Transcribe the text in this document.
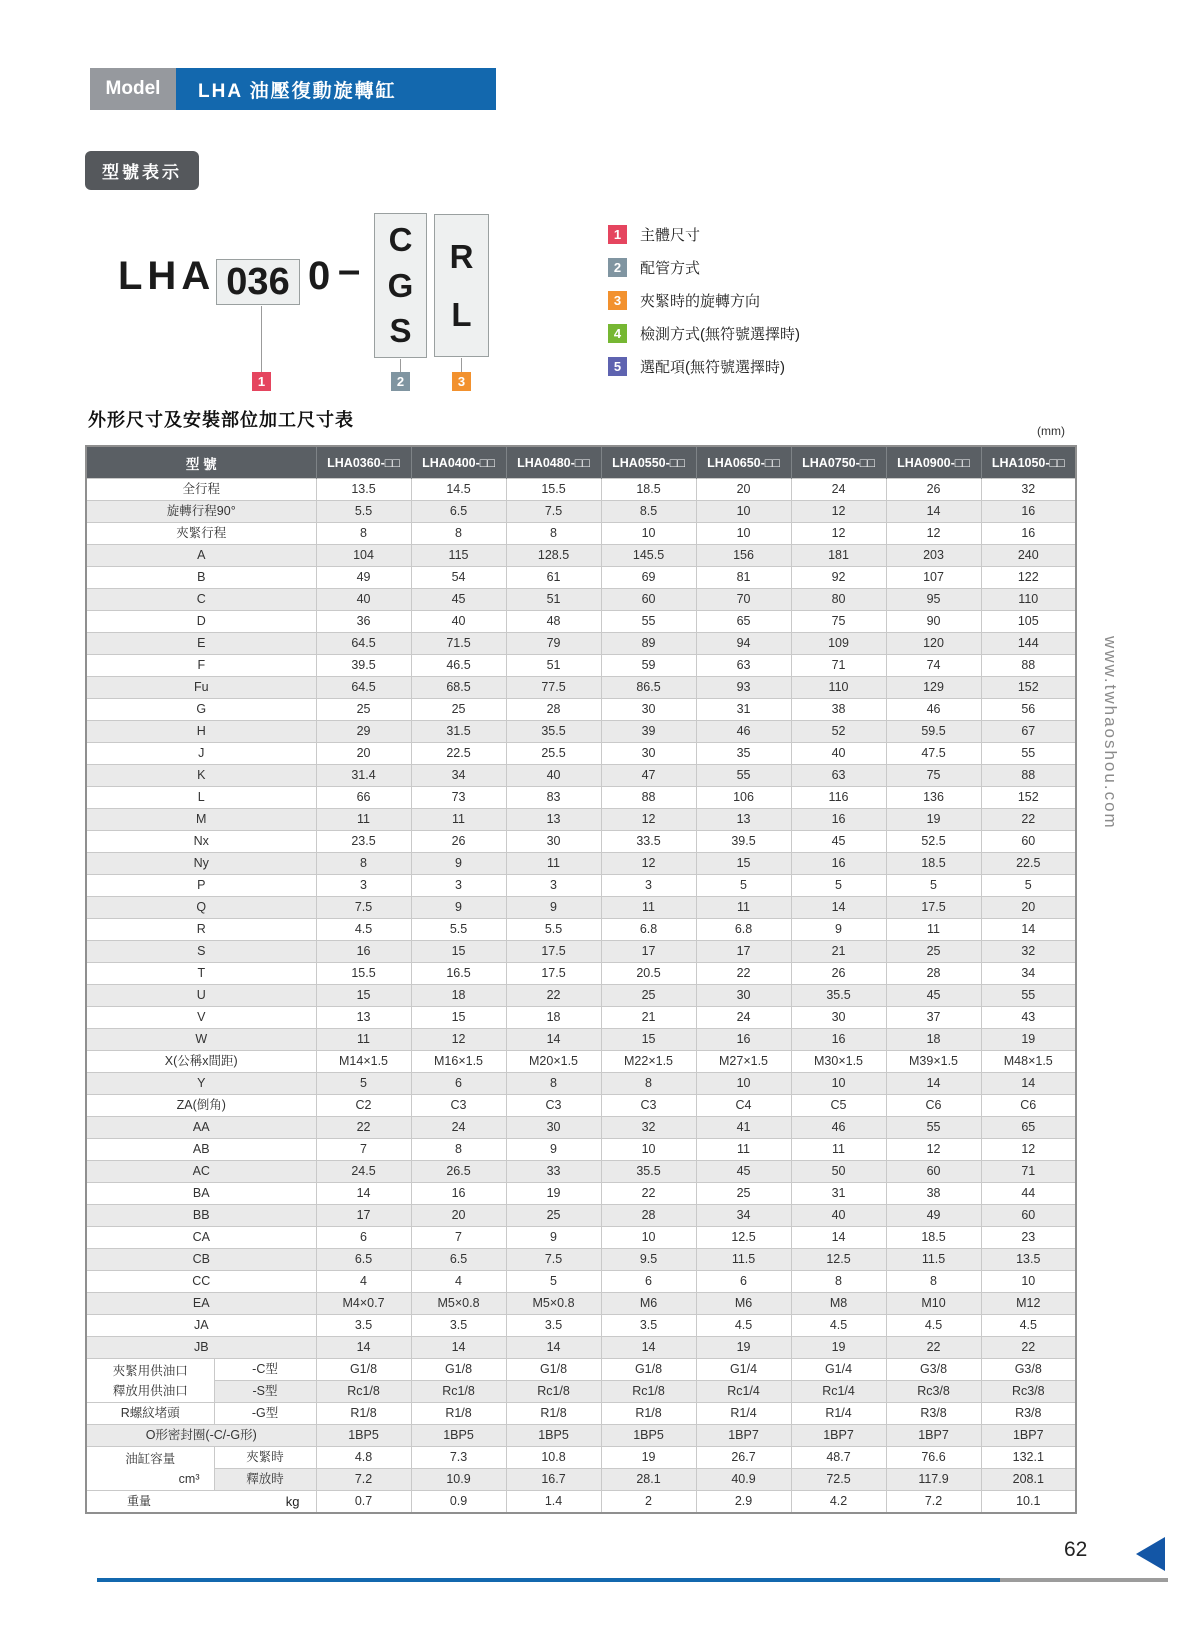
Model	LHA 油壓復動旋轉缸
型號表示
LHA 036 0 –
C
G
S
R
L
1	2	3
1	主體尺寸
2	配管方式
3	夾緊時的旋轉方向
4	檢測方式(無符號選擇時)
5	選配項(無符號選擇時)
外形尺寸及安裝部位加工尺寸表
(mm)
型 號		LHA0360-□□	LHA0400-□□	LHA0480-□□	LHA0550-□□	LHA0650-□□	LHA0750-□□	LHA0900-□□	LHA1050-□□
全行程		13.5	14.5	15.5	18.5	20	24	26	32
旋轉行程90°		5.5	6.5	7.5	8.5	10	12	14	16
夾緊行程		8	8	8	10	10	12	12	16
A		104	115	128.5	145.5	156	181	203	240
B		49	54	61	69	81	92	107	122
C		40	45	51	60	70	80	95	110
D		36	40	48	55	65	75	90	105
E		64.5	71.5	79	89	94	109	120	144
F		39.5	46.5	51	59	63	71	74	88
Fu		64.5	68.5	77.5	86.5	93	110	129	152
G		25	25	28	30	31	38	46	56
H		29	31.5	35.5	39	46	52	59.5	67
J		20	22.5	25.5	30	35	40	47.5	55
K		31.4	34	40	47	55	63	75	88
L		66	73	83	88	106	116	136	152
M		11	11	13	12	13	16	19	22
Nx		23.5	26	30	33.5	39.5	45	52.5	60
Ny		8	9	11	12	15	16	18.5	22.5
P		3	3	3	3	5	5	5	5
Q		7.5	9	9	11	11	14	17.5	20
R		4.5	5.5	5.5	6.8	6.8	9	11	14
S		16	15	17.5	17	17	21	25	32
T		15.5	16.5	17.5	20.5	22	26	28	34
U		15	18	22	25	30	35.5	45	55
V		13	15	18	21	24	30	37	43
W		11	12	14	15	16	16	18	19
X(公稱x間距)		M14×1.5	M16×1.5	M20×1.5	M22×1.5	M27×1.5	M30×1.5	M39×1.5	M48×1.5
Y		5	6	8	8	10	10	14	14
ZA(倒角)		C2	C3	C3	C3	C4	C5	C6	C6
AA		22	24	30	32	41	46	55	65
AB		7	8	9	10	11	11	12	12
AC		24.5	26.5	33	35.5	45	50	60	71
BA		14	16	19	22	25	31	38	44
BB		17	20	25	28	34	40	49	60
CA		6	7	9	10	12.5	14	18.5	23
CB		6.5	6.5	7.5	9.5	11.5	12.5	11.5	13.5
CC		4	4	5	6	6	8	8	10
EA		M4×0.7	M5×0.8	M5×0.8	M6	M6	M8	M10	M12
JA		3.5	3.5	3.5	3.5	4.5	4.5	4.5	4.5
JB		14	14	14	14	19	19	22	22

夾緊用供油口
釋放用供油口	-C型	G1/8	G1/8	G1/8	G1/8	G1/4	G1/4	G3/8	G3/8
	-S型	Rc1/8	Rc1/8	Rc1/8	Rc1/8	Rc1/4	Rc1/4	Rc3/8	Rc3/8
R螺紋堵頭	-G型	R1/8	R1/8	R1/8	R1/8	R1/4	R1/4	R3/8	R3/8
O形密封圈(-C/-G形)		1BP5	1BP5	1BP5	1BP5	1BP7	1BP7	1BP7	1BP7

油缸容量
cm³	夾緊時	4.8	7.3	10.8	19	26.7	48.7	76.6	132.1
	釋放時	7.2	10.9	16.7	28.1	40.9	72.5	117.9	208.1

重量 kg		0.7	0.9	1.4	2	2.9	4.2	7.2	10.1
www.twhaoshou.com
62
